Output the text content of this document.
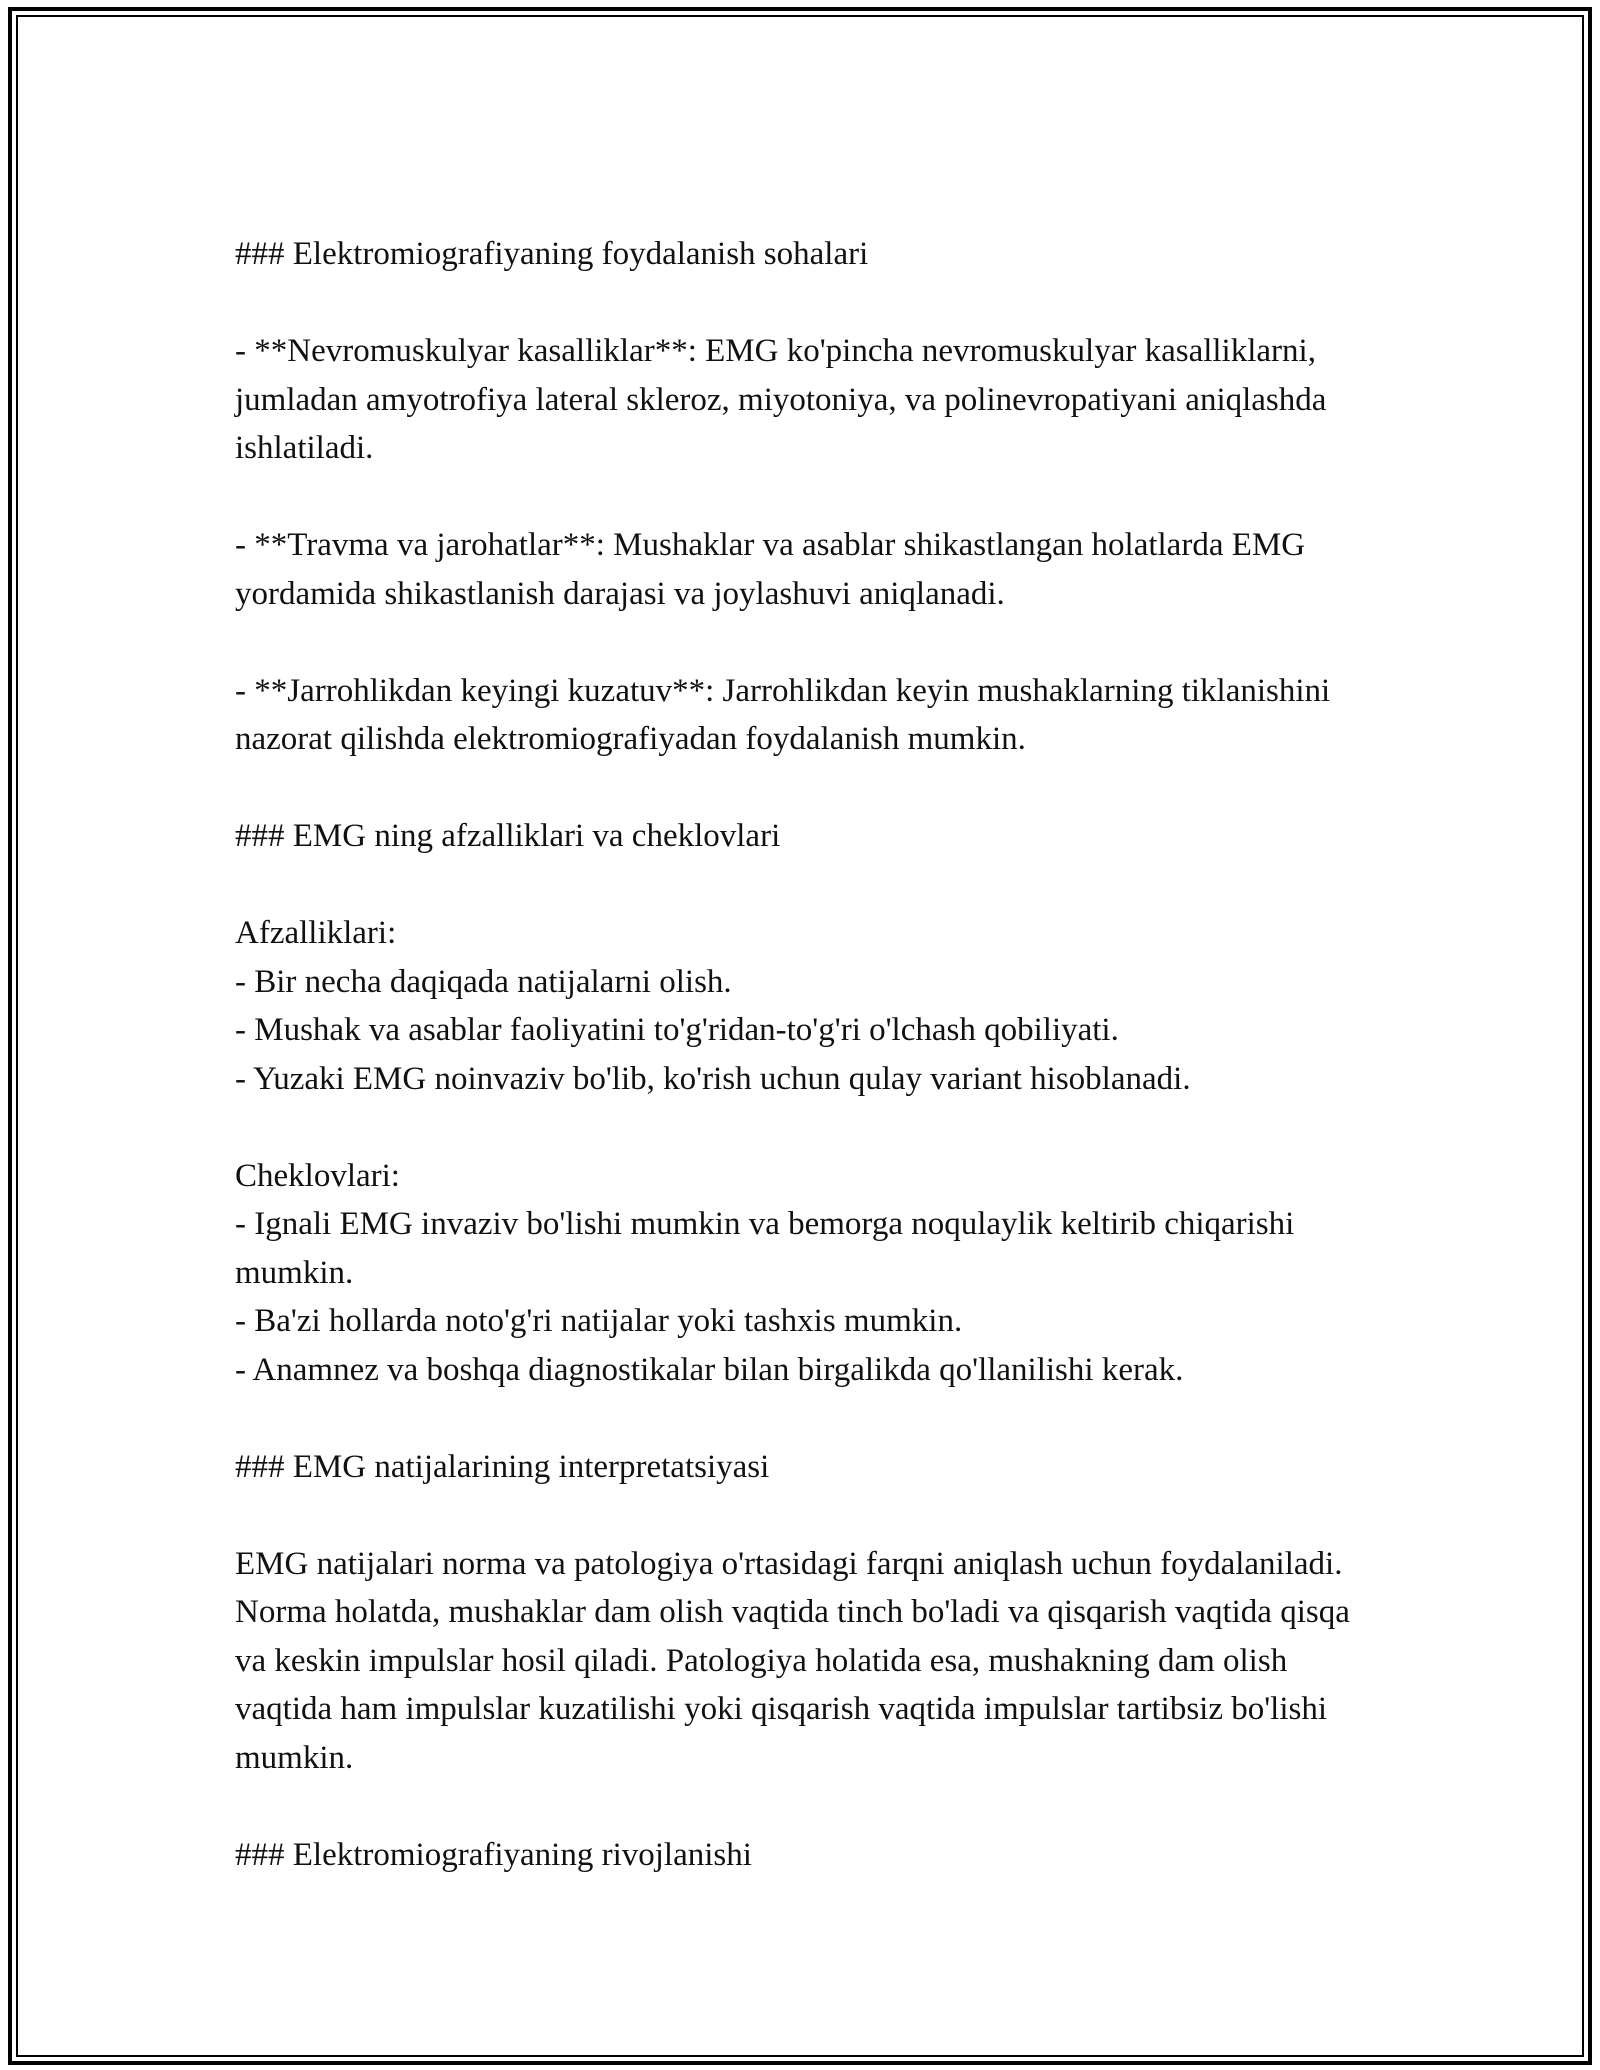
### Elektromiografiyaning foydalanish sohalari

- **Nevromuskulyar kasalliklar**: EMG ko'pincha nevromuskulyar kasalliklarni, jumladan amyotrofiya lateral skleroz, miyotoniya, va polinevropatiyani aniqlashda ishlatiladi.

- **Travma va jarohatlar**: Mushaklar va asablar shikastlangan holatlarda EMG yordamida shikastlanish darajasi va joylashuvi aniqlanadi.

- **Jarrohlikdan keyingi kuzatuv**: Jarrohlikdan keyin mushaklarning tiklanishini nazorat qilishda elektromiografiyadan foydalanish mumkin.

### EMG ning afzalliklari va cheklovlari

Afzalliklari:

- Bir necha daqiqada natijalarni olish.

- Mushak va asablar faoliyatini to'g'ridan-to'g'ri o'lchash qobiliyati.

- Yuzaki EMG noinvaziv bo'lib, ko'rish uchun qulay variant hisoblanadi.

Cheklovlari:

- Ignali EMG invaziv bo'lishi mumkin va bemorga noqulaylik keltirib chiqarishi mumkin.

- Ba'zi hollarda noto'g'ri natijalar yoki tashxis mumkin.

- Anamnez va boshqa diagnostikalar bilan birgalikda qo'llanilishi kerak.

### EMG natijalarining interpretatsiyasi

EMG natijalari norma va patologiya o'rtasidagi farqni aniqlash uchun foydalaniladi. Norma holatda, mushaklar dam olish vaqtida tinch bo'ladi va qisqarish vaqtida qisqa va keskin impulslar hosil qiladi. Patologiya holatida esa, mushakning dam olish vaqtida ham impulslar kuzatilishi yoki qisqarish vaqtida impulslar tartibsiz bo'lishi mumkin.

### Elektromiografiyaning rivojlanishi
